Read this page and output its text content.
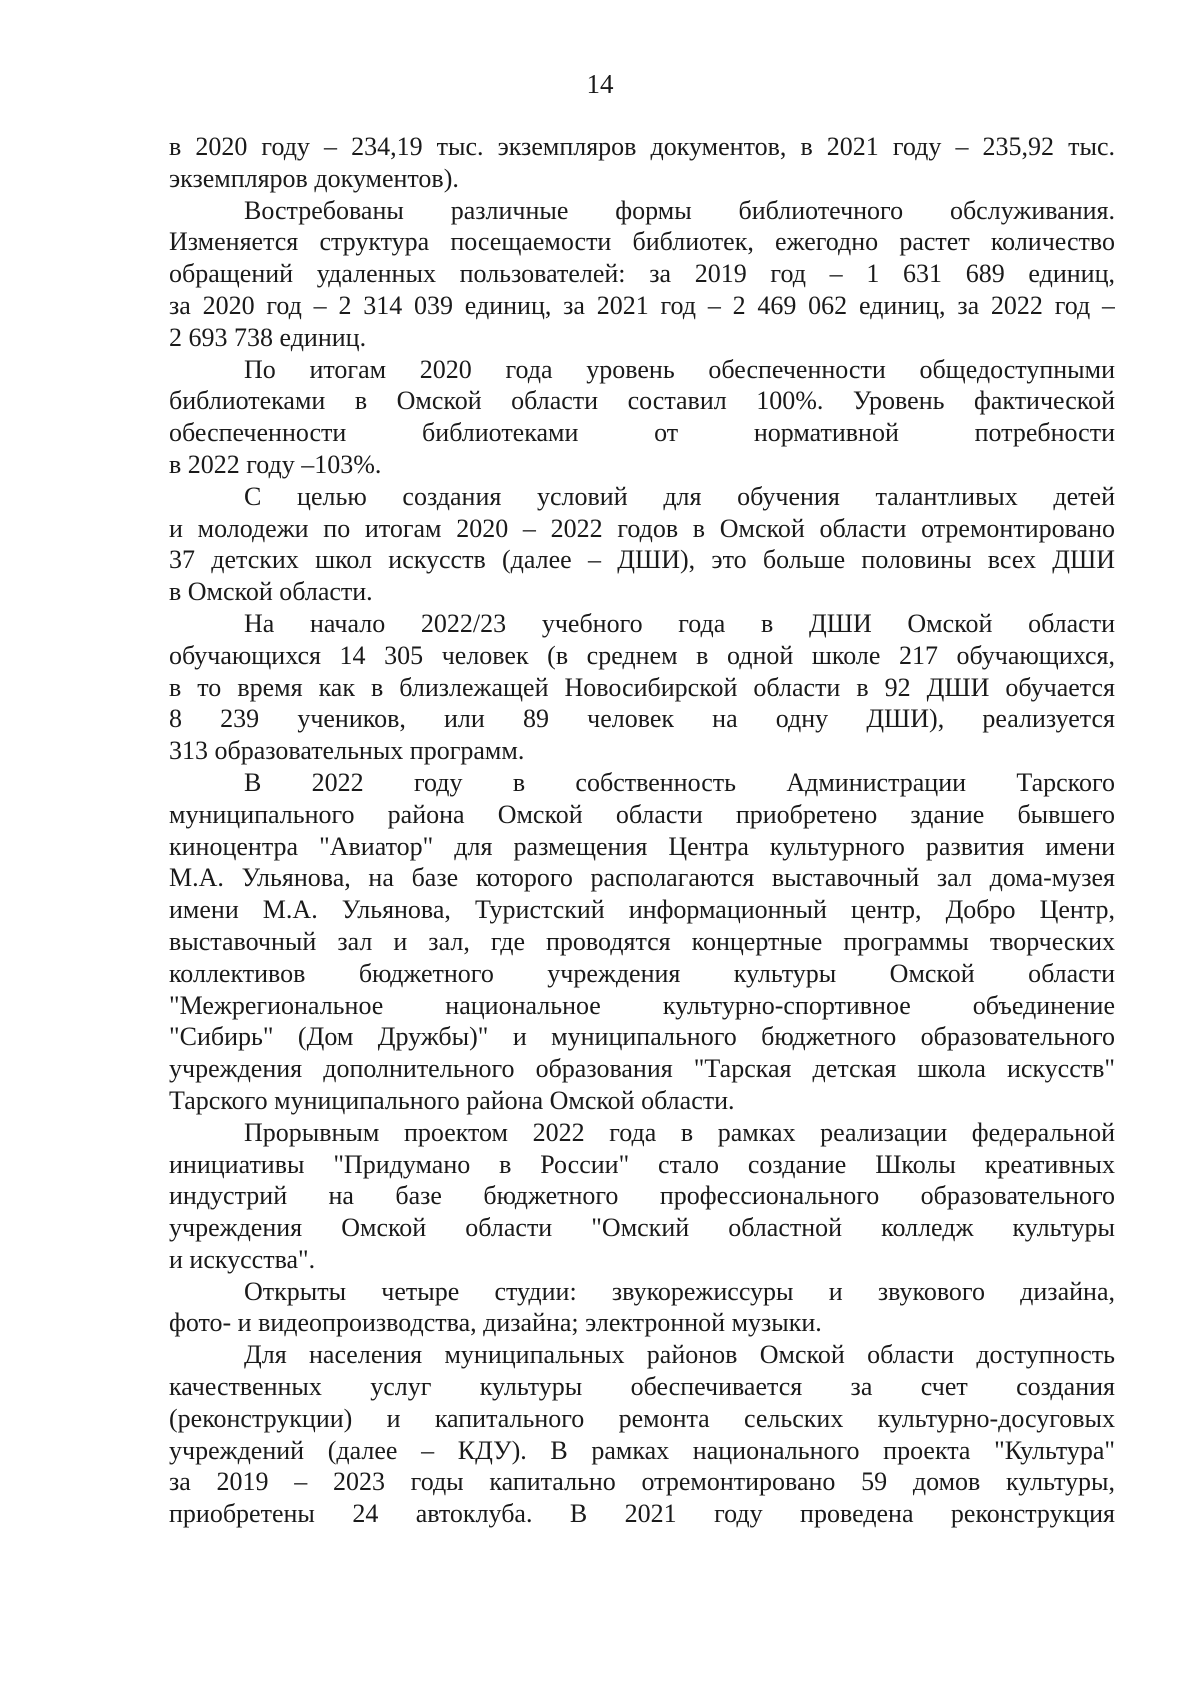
14
в 2020 году – 234,19 тыс. экземпляров документов, в 2021 году – 235,92 тыс.
экземпляров документов).
Востребованы различные формы библиотечного обслуживания.
Изменяется структура посещаемости библиотек, ежегодно растет количество
обращений удаленных пользователей: за 2019 год – 1 631 689 единиц,
за 2020 год – 2 314 039 единиц, за 2021 год – 2 469 062 единиц, за 2022 год –
2 693 738 единиц.
По итогам 2020 года уровень обеспеченности общедоступными
библиотеками в Омской области составил 100%. Уровень фактической
обеспеченности библиотеками от нормативной потребности
в 2022 году –103%.
С целью создания условий для обучения талантливых детей
и молодежи по итогам 2020 – 2022 годов в Омской области отремонтировано
37 детских школ искусств (далее – ДШИ), это больше половины всех ДШИ
в Омской области.
На начало 2022/23 учебного года в ДШИ Омской области
обучающихся 14 305 человек (в среднем в одной школе 217 обучающихся,
в то время как в близлежащей Новосибирской области в 92 ДШИ обучается
8 239 учеников, или 89 человек на одну ДШИ), реализуется
313 образовательных программ.
В 2022 году в собственность Администрации Тарского
муниципального района Омской области приобретено здание бывшего
киноцентра "Авиатор" для размещения Центра культурного развития имени
М.А. Ульянова, на базе которого располагаются выставочный зал дома-музея
имени М.А. Ульянова, Туристский информационный центр, Добро Центр,
выставочный зал и зал, где проводятся концертные программы творческих
коллективов бюджетного учреждения культуры Омской области
"Межрегиональное национальное культурно-спортивное объединение
"Сибирь" (Дом Дружбы)" и муниципального бюджетного образовательного
учреждения дополнительного образования "Тарская детская школа искусств"
Тарского муниципального района Омской области.
Прорывным проектом 2022 года в рамках реализации федеральной
инициативы "Придумано в России" стало создание Школы креативных
индустрий на базе бюджетного профессионального образовательного
учреждения Омской области "Омский областной колледж культуры
и искусства".
Открыты четыре студии: звукорежиссуры и звукового дизайна,
фото- и видеопроизводства, дизайна; электронной музыки.
Для населения муниципальных районов Омской области доступность
качественных услуг культуры обеспечивается за счет создания
(реконструкции) и капитального ремонта сельских культурно-досуговых
учреждений (далее – КДУ). В рамках национального проекта "Культура"
за 2019 – 2023 годы капитально отремонтировано 59 домов культуры,
приобретены 24 автоклуба. В 2021 году проведена реконструкция
